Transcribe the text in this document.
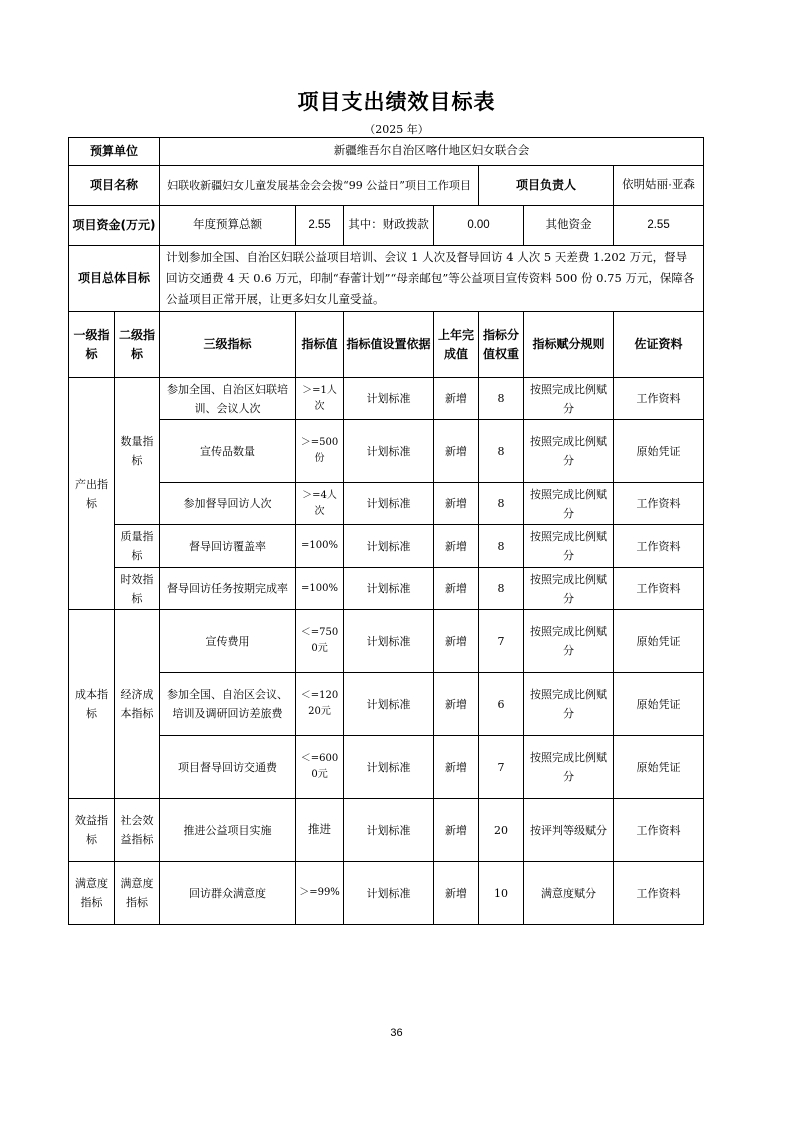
项目支出绩效目标表
（2025 年）
预算单位		新疆维吾尔自治区喀什地区妇女联合会						
项目名称		妇联收新疆妇女儿童发展基金会会拨“99 公益日”项目工作项目				项目负责人		依明姑丽·亚森
项目资金(万元)		年度预算总额	2.55	其中：财政拨款	0.00		其他资金	2.55
项目总体目标		计划参加全国、自治区妇联公益项目培训、会议 1 人次及督导回访 4 人次 5 天差费 1.202 万元，督导回访交通费 4 天 0.6 万元，印制“春蕾计划”“母亲邮包”等公益项目宣传资料 500 份 0.75 万元，保障各公益项目正常开展，让更多妇女儿童受益。						
一级指标	二级指标	三级指标	指标值	指标值设置依据	上年完成值	指标分值权重	指标赋分规则	佐证资料
产出指标	数量指标	参加全国、自治区妇联培训、会议人次	＞=1人次	计划标准	新增	8	按照完成比例赋分	工作资料
		宣传品数量	＞=500份	计划标准	新增	8	按照完成比例赋分	原始凭证
		参加督导回访人次	＞=4人次	计划标准	新增	8	按照完成比例赋分	工作资料
	质量指标	督导回访覆盖率	=100%	计划标准	新增	8	按照完成比例赋分	工作资料
	时效指标	督导回访任务按期完成率	=100%	计划标准	新增	8	按照完成比例赋分	工作资料
成本指标	经济成本指标	宣传费用	＜=7500元	计划标准	新增	7	按照完成比例赋分	原始凭证
		参加全国、自治区会议、培训及调研回访差旅费	＜=12020元	计划标准	新增	6	按照完成比例赋分	原始凭证
		项目督导回访交通费	＜=6000元	计划标准	新增	7	按照完成比例赋分	原始凭证
效益指标	社会效益指标	推进公益项目实施	推进	计划标准	新增	20	按评判等级赋分	工作资料
满意度指标	满意度指标	回访群众满意度	＞=99%	计划标准	新增	10	满意度赋分	工作资料
36
